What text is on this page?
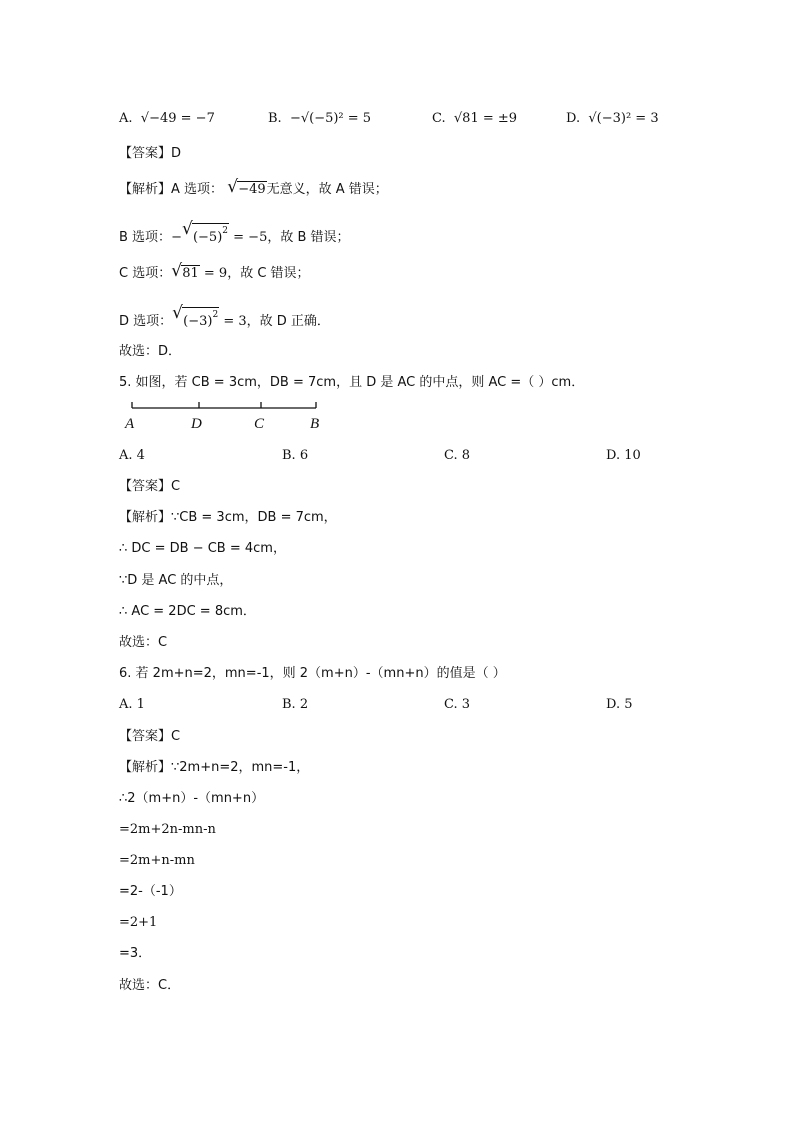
A. √−49 = −7	B. −√(−5)² = 5	C. √81 = ±9	D. √(−3)² = 3
【答案】D
【解析】A 选项： √ −49无意义，故 A 错误；
B 选项：− √ $(-5)^2 = -5$，故 B 错误；
C 选项： √ 81 = 9，故 C 错误；
D 选项： √ $(-3)^2 = 3$，故 D 正确．
故选：D．
5. 如图，若 CB = 3cm，DB = 7cm，且 D 是 AC 的中点，则 AC =（ ）cm．
A	D	C	B
A. 4	B. 6	C. 8	D. 10
【答案】C
【解析】∵CB = 3cm，DB = 7cm，
∴ DC = DB − CB = 4cm，
∵D 是 AC 的中点，
∴ AC = 2DC = 8cm．
故选：C
6. 若 2m+n=2，mn=-1，则 2（m+n）-（mn+n）的值是（ ）
A. 1	B. 2	C. 3	D. 5
【答案】C
【解析】∵2m+n=2，mn=-1，
∴2（m+n）-（mn+n）
=2m+2n-mn-n
=2m+n-mn
=2-（-1）
=2+1
=3．
故选：C．
